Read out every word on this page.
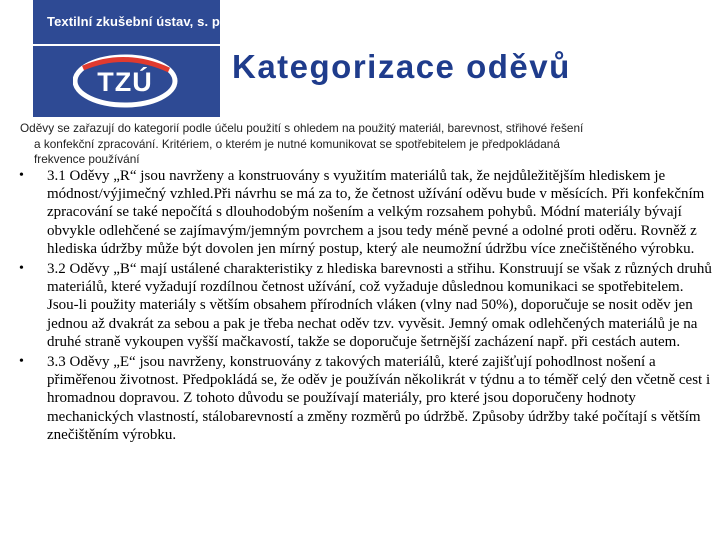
Textilní zkušební ústav, s. p.
TZÚ Kategorizace oděvů
Oděvy se zařazují do kategorií podle účelu použití s ohledem na použitý materiál, barevnost, střihové řešení
a konfekční zpracování. Kritériem, o kterém je nutné komunikovat se spotřebitelem je předpokládaná
frekvence používání
• 3.1 Oděvy „R“ jsou navrženy a konstruovány s využitím materiálů tak, že nejdůležitějším hlediskem je módnost/výjimečný vzhled.Při návrhu se má za to, že četnost užívání oděvu bude v měsících. Při konfekčním zpracování se také nepočítá s dlouhodobým nošením a velkým rozsahem pohybů. Módní materiály bývají obvykle odlehčené se zajímavým/jemným povrchem a jsou tedy méně pevné a odolné proti oděru. Rovněž z hlediska údržby může být dovolen jen mírný postup, který ale neumožní údržbu více znečištěného výrobku.
• 3.2 Oděvy „B“ mají ustálené charakteristiky z hlediska barevnosti a střihu. Konstruují se však z různých druhů materiálů, které vyžadují rozdílnou četnost užívání, což vyžaduje důslednou komunikaci se spotřebitelem. Jsou-li použity materiály s větším obsahem přírodních vláken (vlny nad 50%), doporučuje se nosit oděv jen jednou až dvakrát za sebou a pak je třeba nechat oděv tzv. vyvěsit. Jemný omak odlehčených materiálů je na druhé straně vykoupen vyšší mačkavostí, takže se doporučuje šetrnější zacházení např. při cestách autem.
• 3.3 Oděvy „E“ jsou navrženy, konstruovány z takových materiálů, které zajišťují pohodlnost nošení a přiměřenou životnost. Předpokládá se, že oděv je používán několikrát v týdnu a to téměř celý den včetně cest i hromadnou dopravou. Z tohoto důvodu se používají materiály, pro které jsou doporučeny hodnoty mechanických vlastností, stálobarevností a změny rozměrů po údržbě. Způsoby údržby také počítají s větším znečištěním výrobku.
